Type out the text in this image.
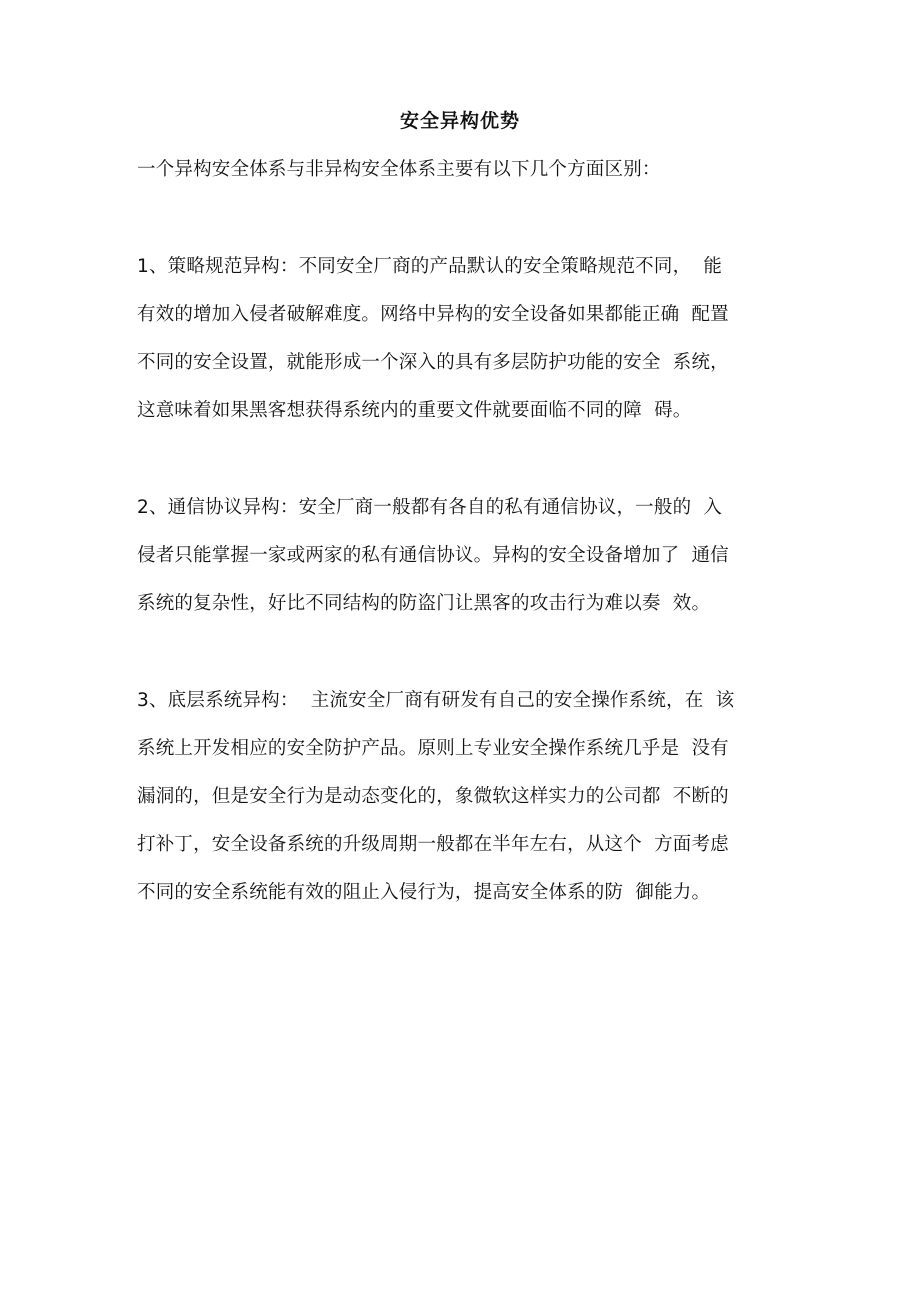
安全异构优势
一个异构安全体系与非异构安全体系主要有以下几个方面区别：
1、策略规范异构：不同安全厂商的产品默认的安全策略规范不同，  能
有效的增加入侵者破解难度。网络中异构的安全设备如果都能正确  配置
不同的安全设置，就能形成一个深入的具有多层防护功能的安全  系统，
这意味着如果黑客想获得系统内的重要文件就要面临不同的障  碍。
2、通信协议异构：安全厂商一般都有各自的私有通信协议，一般的  入
侵者只能掌握一家或两家的私有通信协议。异构的安全设备增加了  通信
系统的复杂性，好比不同结构的防盗门让黑客的攻击行为难以奏  效。
3、底层系统异构：  主流安全厂商有研发有自己的安全操作系统，在  该
系统上开发相应的安全防护产品。原则上专业安全操作系统几乎是  没有
漏洞的，但是安全行为是动态变化的，象微软这样实力的公司都  不断的
打补丁，安全设备系统的升级周期一般都在半年左右，从这个  方面考虑
不同的安全系统能有效的阻止入侵行为，提高安全体系的防  御能力。
